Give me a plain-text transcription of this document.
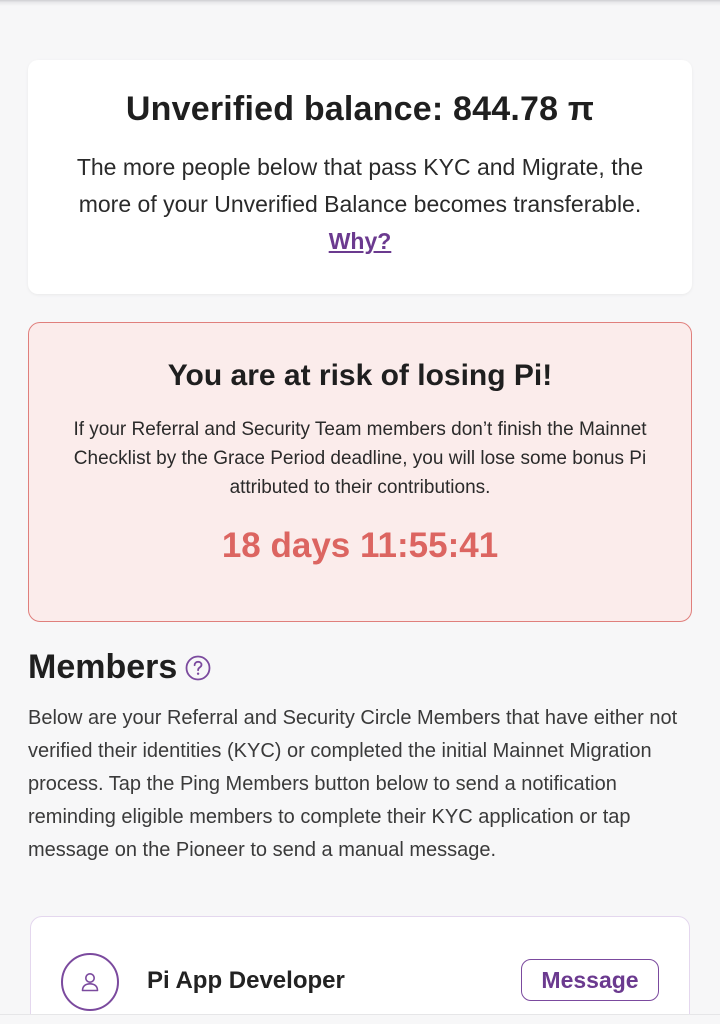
Unverified balance: 844.78 π

The more people below that pass KYC and Migrate, the more of your Unverified Balance becomes transferable. Why?

You are at risk of losing Pi!

If your Referral and Security Team members don’t finish the Mainnet Checklist by the Grace Period deadline, you will lose some bonus Pi attributed to their contributions.

18 days 11:55:41
Members

Below are your Referral and Security Circle Members that have either not verified their identities (KYC) or completed the initial Mainnet Migration process. Tap the Ping Members button below to send a notification reminding eligible members to complete their KYC application or tap message on the Pioneer to send a manual message.

Pi App Developer	Message
